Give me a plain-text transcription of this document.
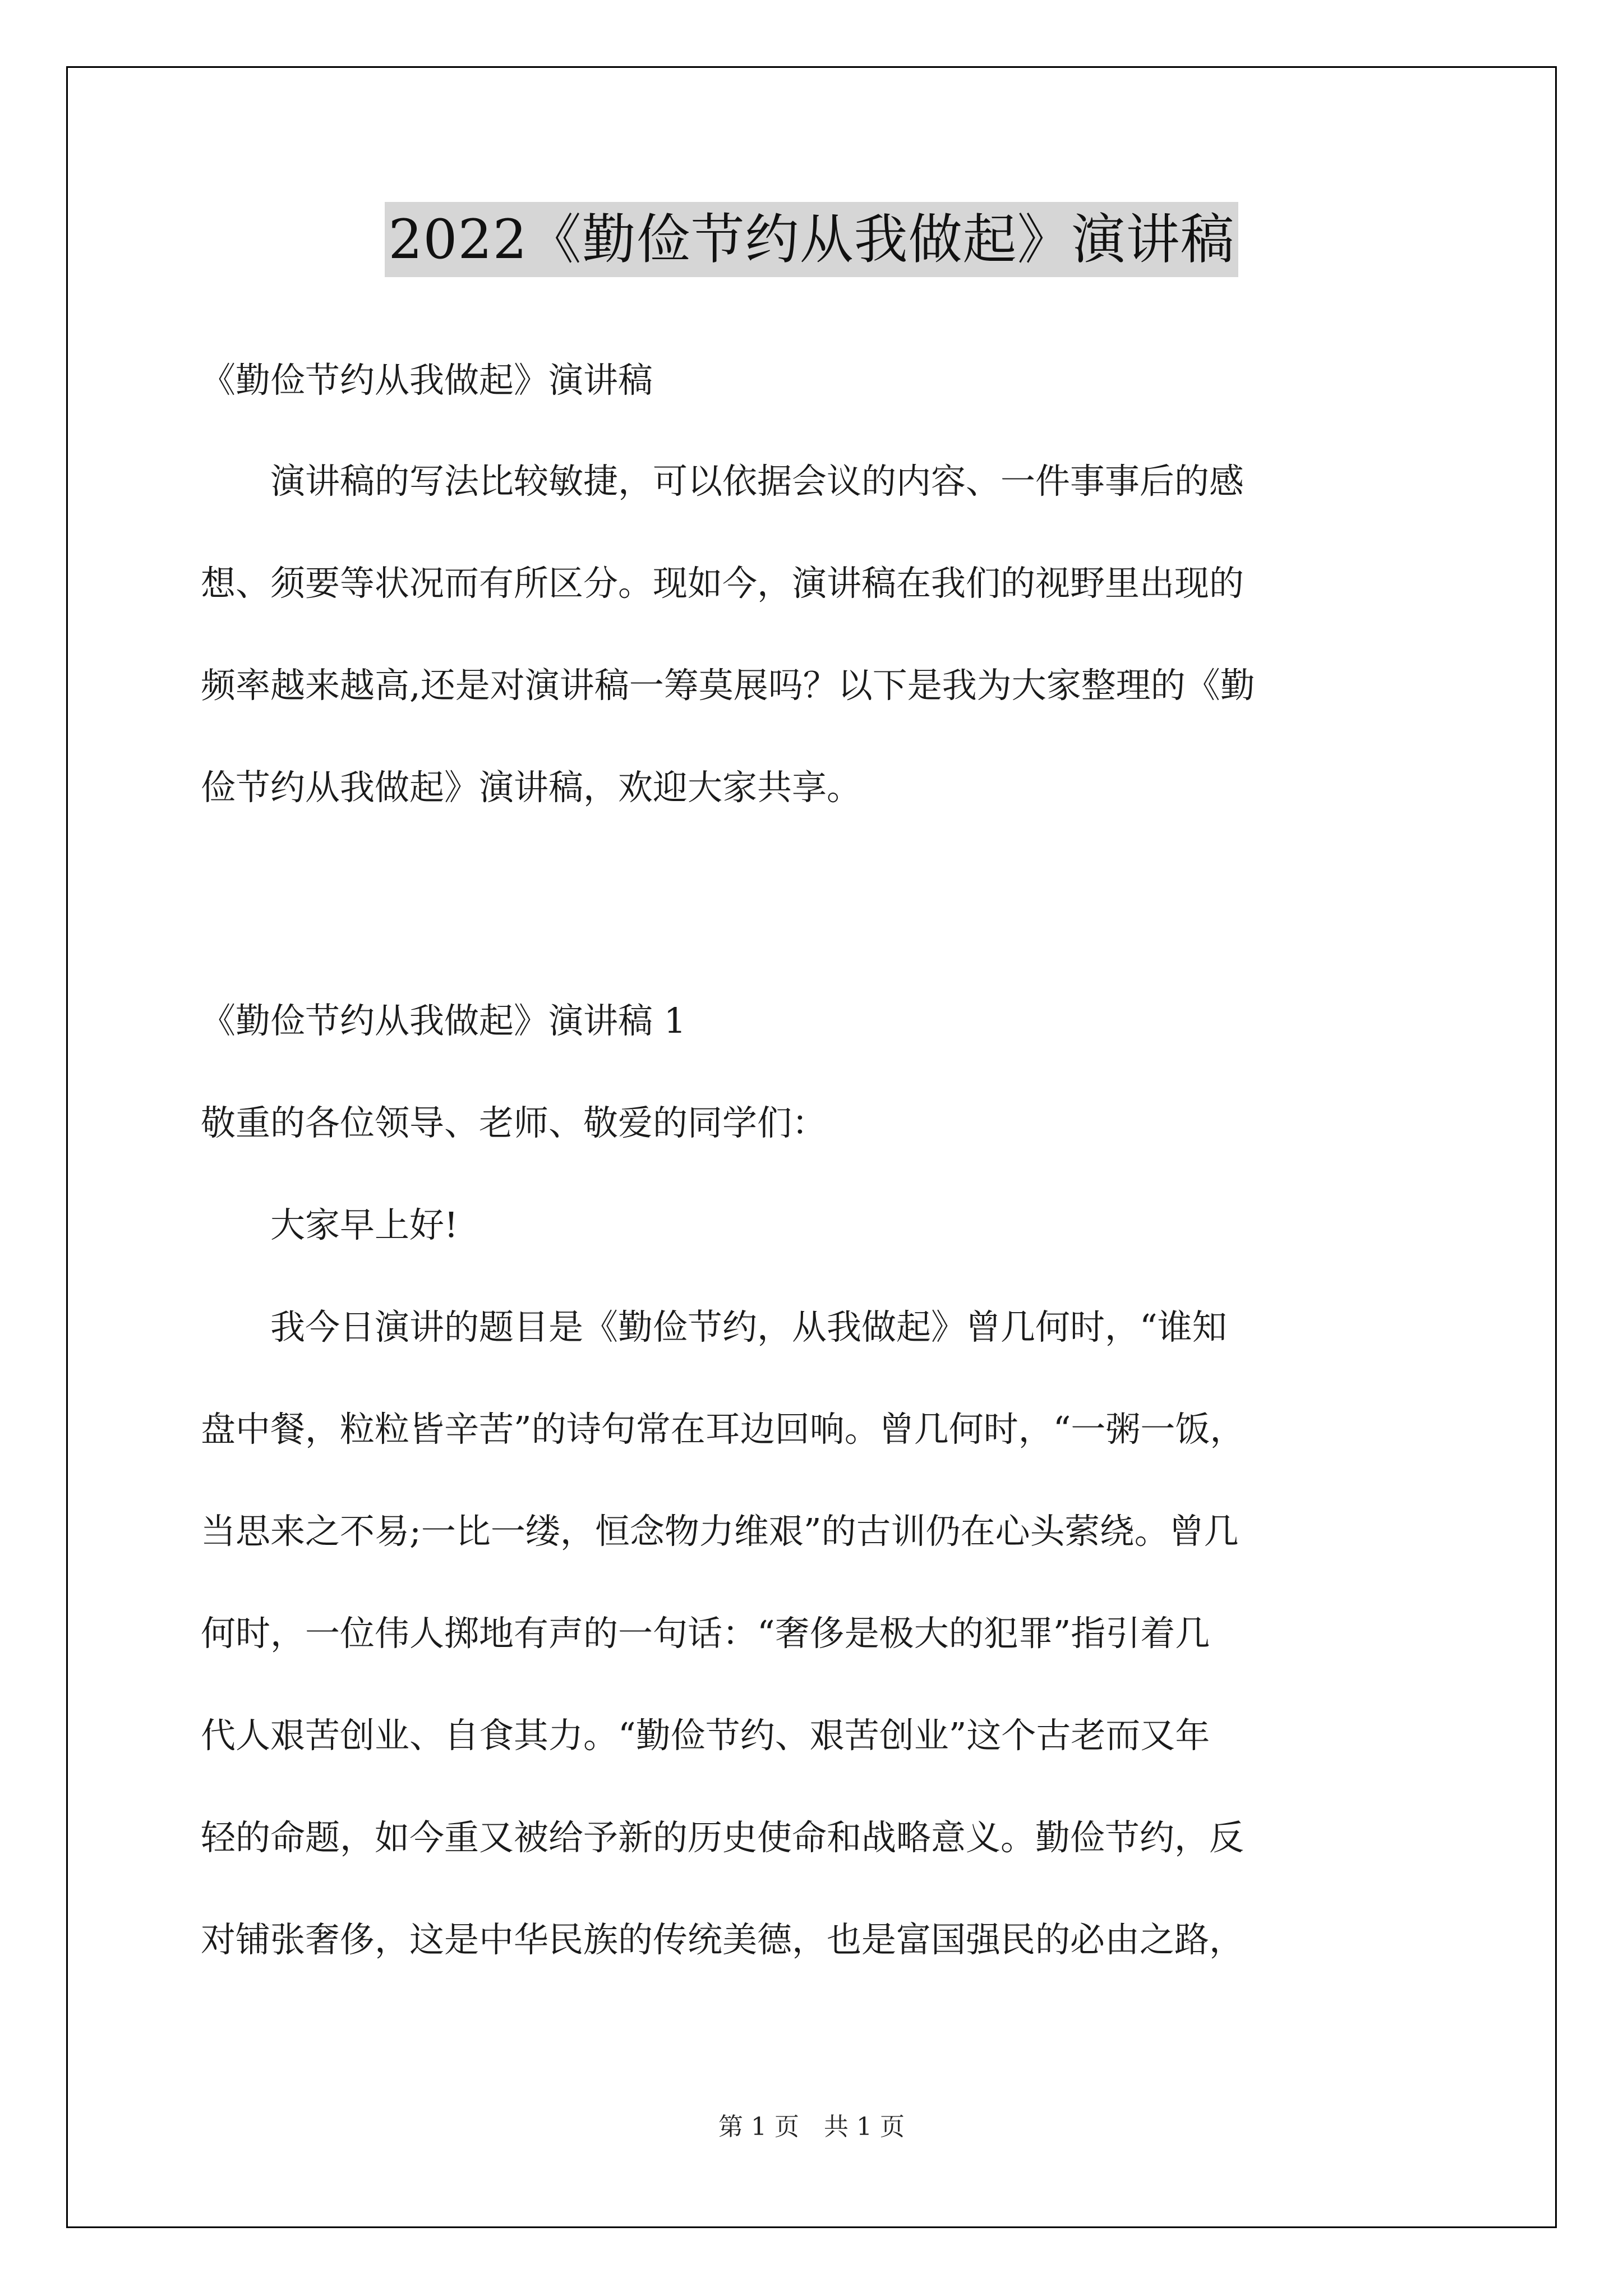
2022《勤俭节约从我做起》演讲稿
《勤俭节约从我做起》演讲稿
　　演讲稿的写法比较敏捷，可以依据会议的内容、一件事事后的感
想、须要等状况而有所区分。现如今，演讲稿在我们的视野里出现的
频率越来越高,还是对演讲稿一筹莫展吗？以下是我为大家整理的《勤
俭节约从我做起》演讲稿，欢迎大家共享。
《勤俭节约从我做起》演讲稿 1
敬重的各位领导、老师、敬爱的同学们：
　　大家早上好!
　　我今日演讲的题目是《勤俭节约，从我做起》曾几何时，“谁知
盘中餐，粒粒皆辛苦”的诗句常在耳边回响。曾几何时，“一粥一饭，
当思来之不易;一比一缕，恒念物力维艰”的古训仍在心头萦绕。曾几
何时，一位伟人掷地有声的一句话：“奢侈是极大的犯罪”指引着几
代人艰苦创业、自食其力。“勤俭节约、艰苦创业”这个古老而又年
轻的命题，如今重又被给予新的历史使命和战略意义。勤俭节约，反
对铺张奢侈，这是中华民族的传统美德，也是富国强民的必由之路，
第 1 页　共 1 页
